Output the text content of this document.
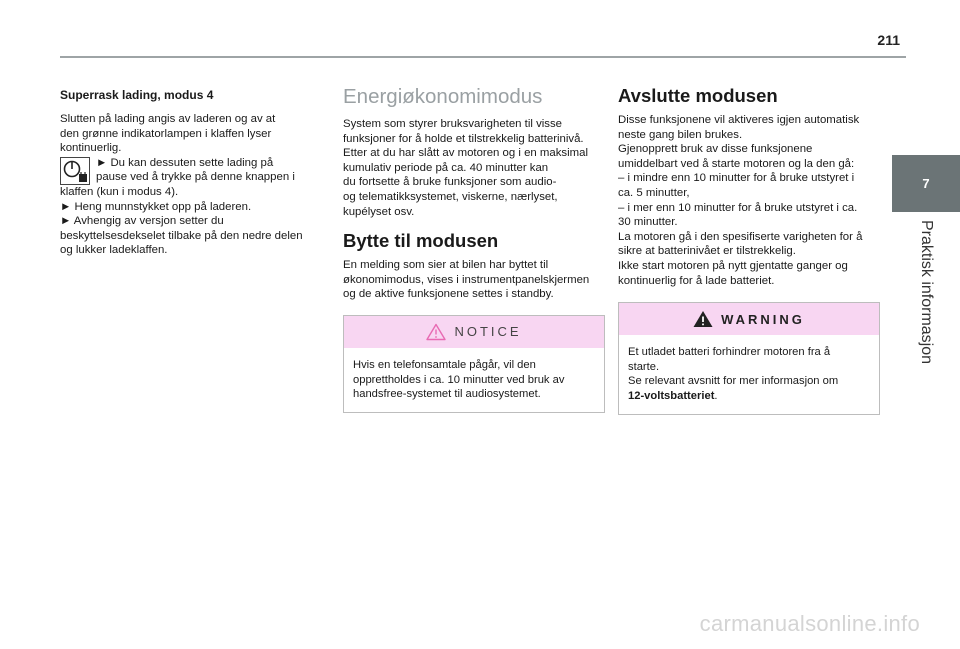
211
7
Praktisk informasjon
Superrask lading, modus 4
Slutten på lading angis av laderen og av at
den grønne indikatorlampen i klaffen lyser
kontinuerlig.
► Du kan dessuten sette lading på
pause ved å trykke på denne knappen i
klaffen (kun i modus 4).
► Heng munnstykket opp på laderen.
► Avhengig av versjon setter du
beskyttelsesdekselet tilbake på den nedre delen
og lukker ladeklaffen.
Energiøkonomimodus
System som styrer bruksvarigheten til visse
funksjoner for å holde et tilstrekkelig batterinivå.
Etter at du har slått av motoren og i en maksimal
kumulativ periode på ca. 40 minutter kan
du fortsette å bruke funksjoner som audio-
og telematikksystemet, viskerne, nærlyset,
kupélyset osv.
Bytte til modusen
En melding som sier at bilen har byttet til
økonomimodus, vises i instrumentpanelskjermen
og de aktive funksjonene settes i standby.
NOTICE
Hvis en telefonsamtale pågår, vil den
opprettholdes i ca. 10 minutter ved bruk av
handsfree-systemet til audiosystemet.
Avslutte modusen
Disse funksjonene vil aktiveres igjen automatisk
neste gang bilen brukes.
Gjenopprett bruk av disse funksjonene
umiddelbart ved å starte motoren og la den gå:
– i mindre enn 10 minutter for å bruke utstyret i
ca. 5 minutter,
– i mer enn 10 minutter for å bruke utstyret i ca.
30 minutter.
La motoren gå i den spesifiserte varigheten for å
sikre at batterinivået er tilstrekkelig.
Ikke start motoren på nytt gjentatte ganger og
kontinuerlig for å lade batteriet.
WARNING
Et utladet batteri forhindrer motoren fra å
starte.
Se relevant avsnitt for mer informasjon om
12-voltsbatteriet.
carmanualsonline.info
